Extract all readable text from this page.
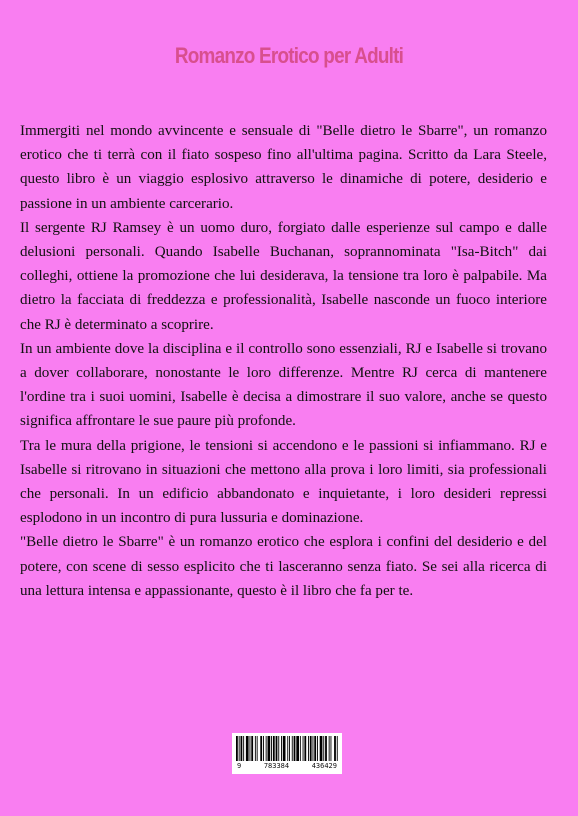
Romanzo Erotico per Adulti

Immergiti nel mondo avvincente e sensuale di "Belle dietro le Sbarre", un romanzo erotico che ti terrà con il fiato sospeso fino all'ultima pagina. Scritto da Lara Steele, questo libro è un viaggio esplosivo attraverso le dinamiche di potere, desiderio e passione in un ambiente carcerario.

Il sergente RJ Ramsey è un uomo duro, forgiato dalle esperienze sul campo e dalle delusioni personali. Quando Isabelle Buchanan, soprannominata "Isa-Bitch" dai colleghi, ottiene la promozione che lui desiderava, la tensione tra loro è palpabile. Ma dietro la facciata di freddezza e professionalità, Isabelle nasconde un fuoco interiore che RJ è determinato a scoprire.

In un ambiente dove la disciplina e il controllo sono essenziali, RJ e Isabelle si trovano a dover collaborare, nonostante le loro differenze. Mentre RJ cerca di mantenere l'ordine tra i suoi uomini, Isabelle è decisa a dimostrare il suo valore, anche se questo significa affrontare le sue paure più profonde.

Tra le mura della prigione, le tensioni si accendono e le passioni si infiammano. RJ e Isabelle si ritrovano in situazioni che mettono alla prova i loro limiti, sia professionali che personali. In un edificio abbandonato e inquietante, i loro desideri repressi esplodono in un incontro di pura lussuria e dominazione.

"Belle dietro le Sbarre" è un romanzo erotico che esplora i confini del desiderio e del potere, con scene di sesso esplicito che ti lasceranno senza fiato. Se sei alla ricerca di una lettura intensa e appassionante, questo è il libro che fa per te.

9	783384	436429
